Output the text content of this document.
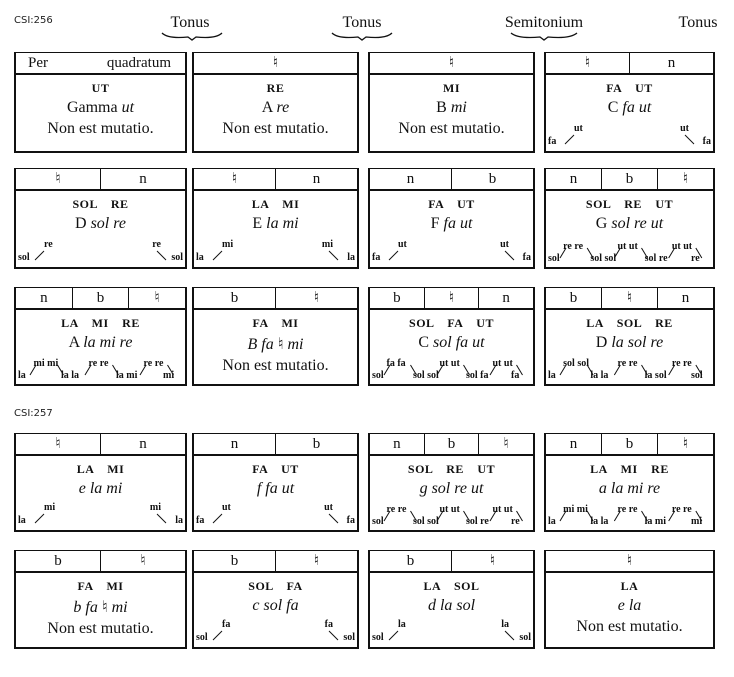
CSI:256
CSI:257
Tonus	Tonus	Semitonium	Tonus
Per	quadratum
UT
Gamma ut
Non est mutatio.
♮
RE
A re
Non est mutatio.
♮
MI
B mi
Non est mutatio.
♮	n
FA UT
C fa ut
fa
ut	ut
fa
♮	n
SOL RE
D sol re
sol
re	re
sol
♮	n
LA MI
E la mi
la
mi	mi
la
n	b
FA UT
F fa ut
fa
ut	ut
fa
n	b	♮
SOL RE UT
G sol re ut
sol
re re
sol sol
ut ut
sol re
ut ut
re
n	b	♮
LA MI RE
A la mi re
la
mi mi
la la
re re
la mi
re re
mi
b	♮
FA MI
B fa ♮ mi
Non est mutatio.
b	♮	n
SOL FA UT
C sol fa ut
sol
fa fa
sol sol
ut ut
sol fa
ut ut
fa
b	♮	n
LA SOL RE
D la sol re
la
sol sol
la la
re re
la sol
re re
sol
♮	n
LA MI
e la mi
la
mi	mi
la
n	b
FA UT
f fa ut
fa
ut	ut
fa
n	b	♮
SOL RE UT
g sol re ut
sol
re re
sol sol
ut ut
sol re
ut ut
re
n	b	♮
LA MI RE
a la mi re
la
mi mi
la la
re re
la mi
re re
mi
b	♮
FA MI
b fa ♮ mi
Non est mutatio.
b	♮
SOL FA
c sol fa
sol
fa	fa
sol
b	♮
LA SOL
d la sol
sol
la	la
sol
♮
LA
e la
Non est mutatio.
